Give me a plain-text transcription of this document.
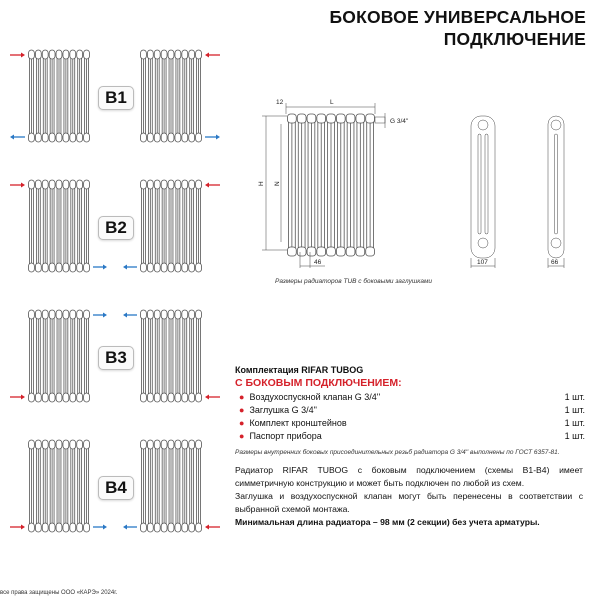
12	L
G 3/4''
H N
46	107	66
БОКОВОЕ УНИВЕРСАЛЬНОЕ
ПОДКЛЮЧЕНИЕ
B1
B2
B3
B4
Размеры радиаторов TUB с боковыми заглушками
Комплектация RIFAR TUBOG
С БОКОВЫМ ПОДКЛЮЧЕНИЕМ:
● Воздухоспускной клапан G 3/4''	1 шт.
● Заглушка G 3/4''	1 шт.
● Комплект кронштейнов	1 шт.
● Паспорт прибора	1 шт.
Размеры внутренних боковых присоединительных резьб радиатора G 3/4'' выполнены по ГОСТ 6357-81.
Радиатор RIFAR TUBOG с боковым подключением (схемы B1-B4) имеет симметричную конструкцию и может быть подключен по любой из схем.
Заглушка и воздухоспускной клапан могут быть перенесены в соответствии с выбранной схемой монтажа.
Минимальная длина радиатора – 98 мм (2 секции) без учета арматуры.
все права защищены ООО «КАРЭ» 2024г.
